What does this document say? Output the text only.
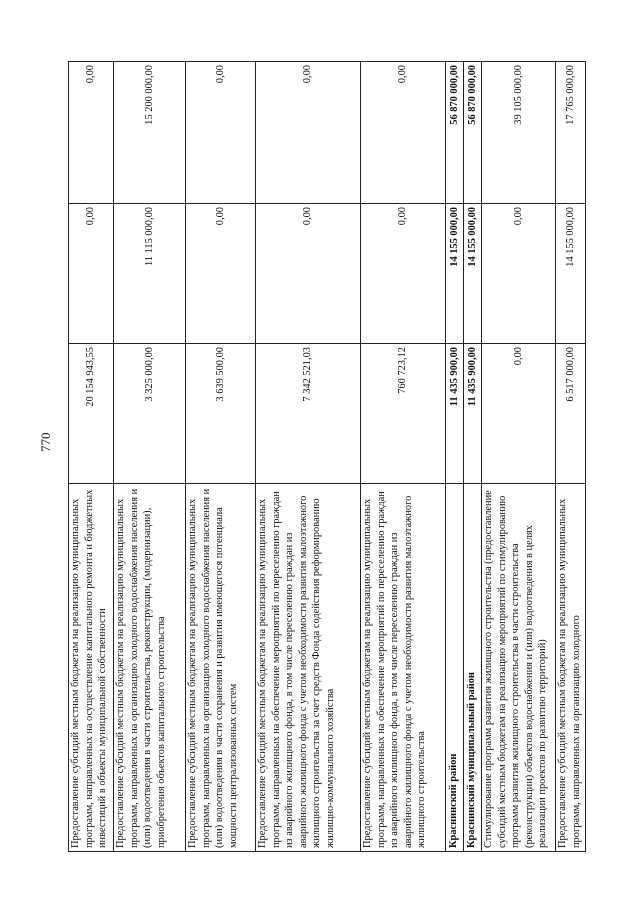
770
Предоставление субсидий местным бюджетам на реализацию муниципальных программ, направленных на осуществление капитального ремонта и бюджетных инвестиций в объекты муниципальной собственности
20 154 943,55
0,00
0,00
Предоставление субсидий местным бюджетам на реализацию муниципальных программ, направленных на организацию холодного водоснабжения населения и (или) водоотведения в части строительства, реконструкции, (модернизации), приобретения объектов капитального строительства
3 325 000,00
11 115 000,00
15 200 000,00
Предоставление субсидий местным бюджетам на реализацию муниципальных программ, направленных на организацию холодного водоснабжения населения и (или) водоотведения в части сохранения и развития имеющегося потенциала мощности централизованных систем
3 639 500,00
0,00
0,00
Предоставление субсидий местным бюджетам на реализацию муниципальных программ, направленных на обеспечение мероприятий по переселению граждан из аварийного жилищного фонда, в том числе переселению граждан из аварийного жилищного фонда с учетом необходимости развития малоэтажного жилищного строительства за счет средств Фонда содействия реформированию жилищно-коммунального хозяйства
7 342 521,03
0,00
0,00
Предоставление субсидий местным бюджетам на реализацию муниципальных программ, направленных на обеспечение мероприятий по переселению граждан из аварийного жилищного фонда, в том числе переселению граждан из аварийного жилищного фонда с учетом необходимости развития малоэтажного жилищного строительства
760 723,12
0,00
0,00
Краснинский район
11 435 900,00
14 155 000,00
56 870 000,00
Краснинский муниципальный район
11 435 900,00
14 155 000,00
56 870 000,00
Стимулирование программ развития жилищного строительства (предоставление субсидий местным бюджетам на реализацию мероприятий по стимулированию программ развития жилищного строительства в части строительства (реконструкции) объектов водоснабжения и (или) водоотведения в целях реализации проектов по развитию территорий)
0,00
0,00
39 105 000,00
Предоставление субсидий местным бюджетам на реализацию муниципальных программ, направленных на организацию холодного
6 517 000,00
14 155 000,00
17 765 000,00
